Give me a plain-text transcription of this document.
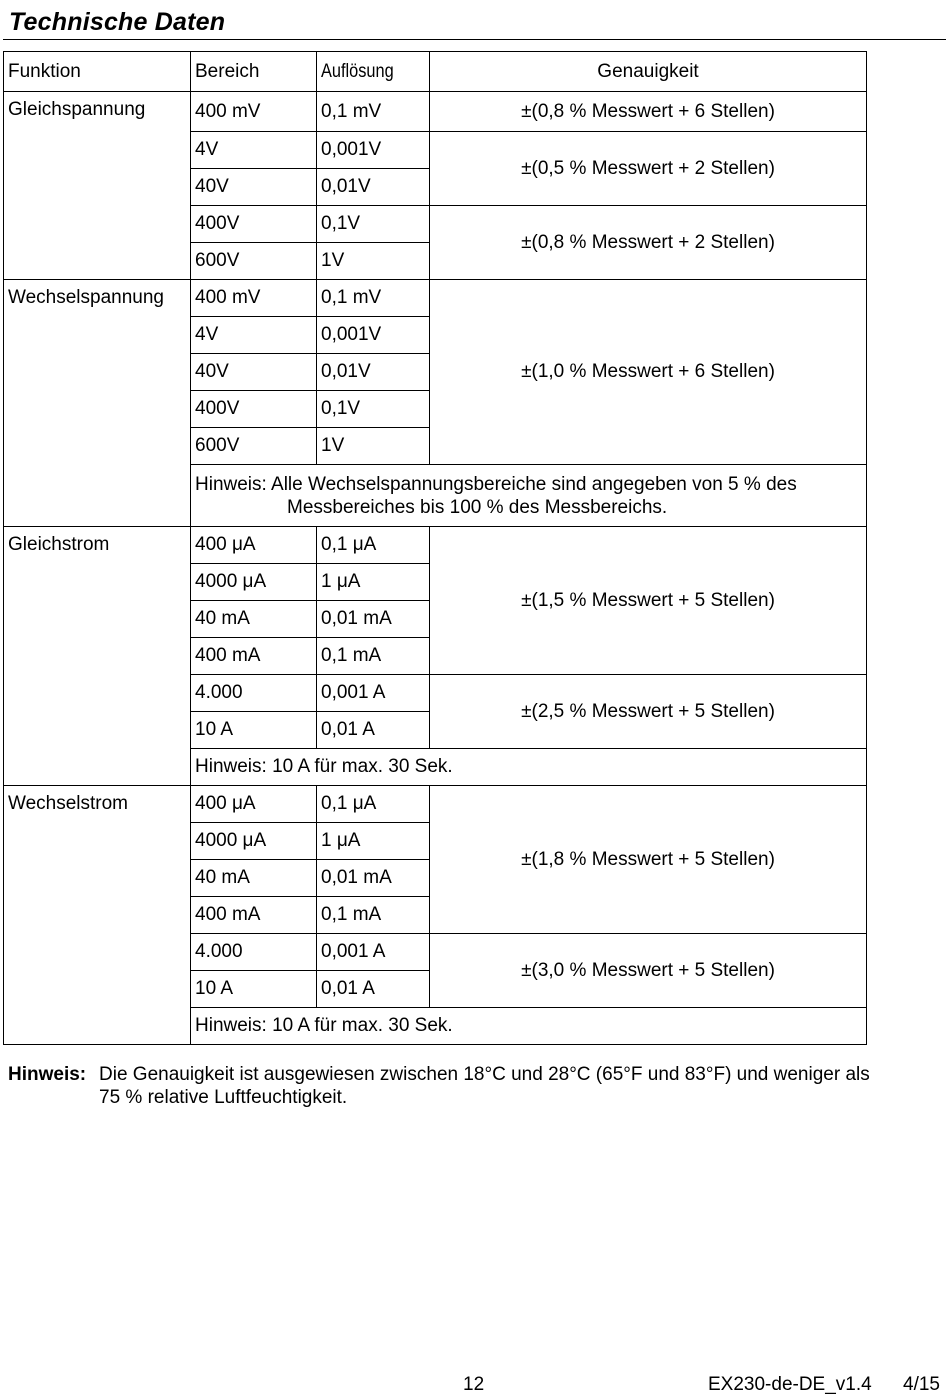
Technische Daten
Funktion	Bereich	Auflösung	Genauigkeit
Gleichspannung	400 mV	0,1 mV	±(0,8 % Messwert + 6 Stellen)
	4V	0,001V	±(0,5 % Messwert + 2 Stellen)
	40V	0,01V	
	400V	0,1V	±(0,8 % Messwert + 2 Stellen)
	600V	1V	
Wechselspannung	400 mV	0,1 mV	±(1,0 % Messwert + 6 Stellen)
	4V	0,001V	
	40V	0,01V	
	400V	0,1V	
	600V	1V	

	Hinweis: Alle Wechselspannungsbereiche sind angegeben von 5 % des
Messbereiches bis 100 % des Messbereichs.		

Gleichstrom	400 μA	0,1 μA	±(1,5 % Messwert + 5 Stellen)
	4000 μA	1 μA	
	40 mA	0,01 mA	
	400 mA	0,1 mA	
	4.000	0,001 A	±(2,5 % Messwert + 5 Stellen)
	10 A	0,01 A	
	Hinweis: 10 A für max. 30 Sek.		
Wechselstrom	400 μA	0,1 μA	±(1,8 % Messwert + 5 Stellen)
	4000 μA	1 μA	
	40 mA	0,01 mA	
	400 mA	0,1 mA	
	4.000	0,001 A	±(3,0 % Messwert + 5 Stellen)
	10 A	0,01 A	
	Hinweis: 10 A für max. 30 Sek.		
Hinweis: Die Genauigkeit ist ausgewiesen zwischen 18°C und 28°C (65°F und 83°F) und weniger als
75 % relative Luftfeuchtigkeit.
12	EX230-de-DE_v1.4 4/15
